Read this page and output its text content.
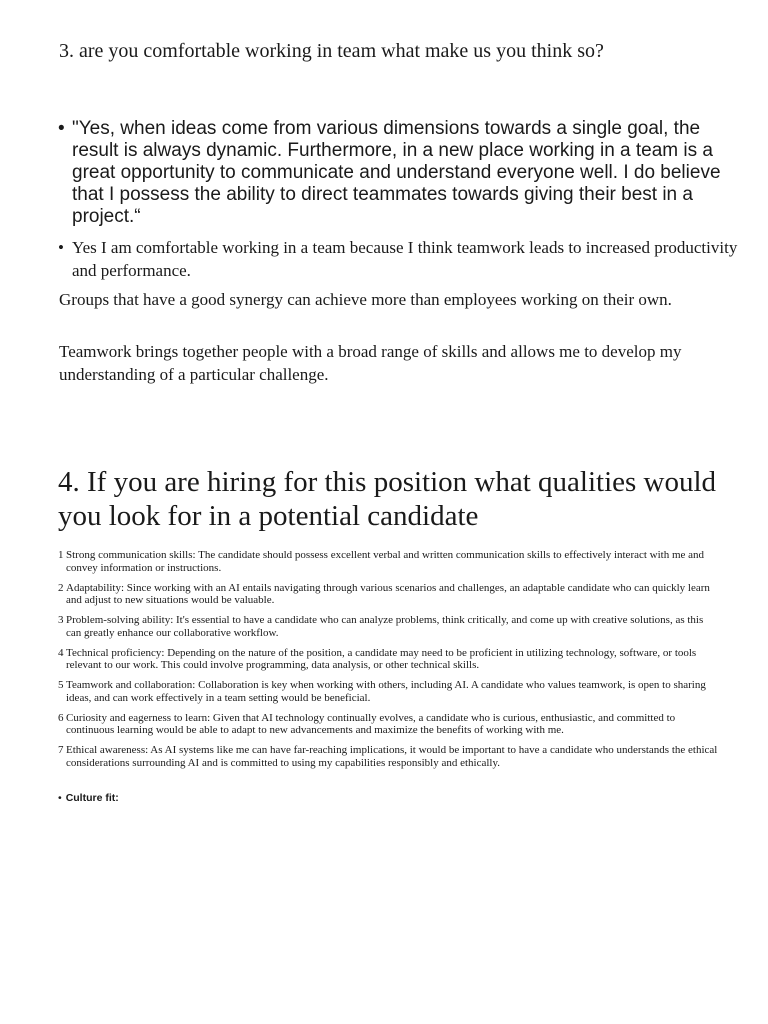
3. are you comfortable working in team what make us you think so?
• "Yes, when ideas come from various dimensions towards a single goal, the result is always dynamic. Furthermore, in a new place working in a team is a great opportunity to communicate and understand everyone well. I do believe that I possess the ability to direct teammates towards giving their best in a project.“
• Yes I am comfortable working in a team because I think teamwork leads to increased productivity and performance.

Groups that have a good synergy can achieve more than employees working on their own.

Teamwork brings together people with a broad range of skills and allows me to develop my understanding of a particular challenge.

4. If you are hiring for this position what qualities would you look for in a potential candidate
1 Strong communication skills: The candidate should possess excellent verbal and written communication skills to effectively interact with me and convey information or instructions.
2 Adaptability: Since working with an AI entails navigating through various scenarios and challenges, an adaptable candidate who can quickly learn and adjust to new situations would be valuable.
3 Problem-solving ability: It's essential to have a candidate who can analyze problems, think critically, and come up with creative solutions, as this can greatly enhance our collaborative workflow.
4 Technical proficiency: Depending on the nature of the position, a candidate may need to be proficient in utilizing technology, software, or tools relevant to our work. This could involve programming, data analysis, or other technical skills.
5 Teamwork and collaboration: Collaboration is key when working with others, including AI. A candidate who values teamwork, is open to sharing ideas, and can work effectively in a team setting would be beneficial.
6 Curiosity and eagerness to learn: Given that AI technology continually evolves, a candidate who is curious, enthusiastic, and committed to continuous learning would be able to adapt to new advancements and maximize the benefits of working with me.
7 Ethical awareness: As AI systems like me can have far-reaching implications, it would be important to have a candidate who understands the ethical considerations surrounding AI and is committed to using my capabilities responsibly and ethically.
• Culture fit:
